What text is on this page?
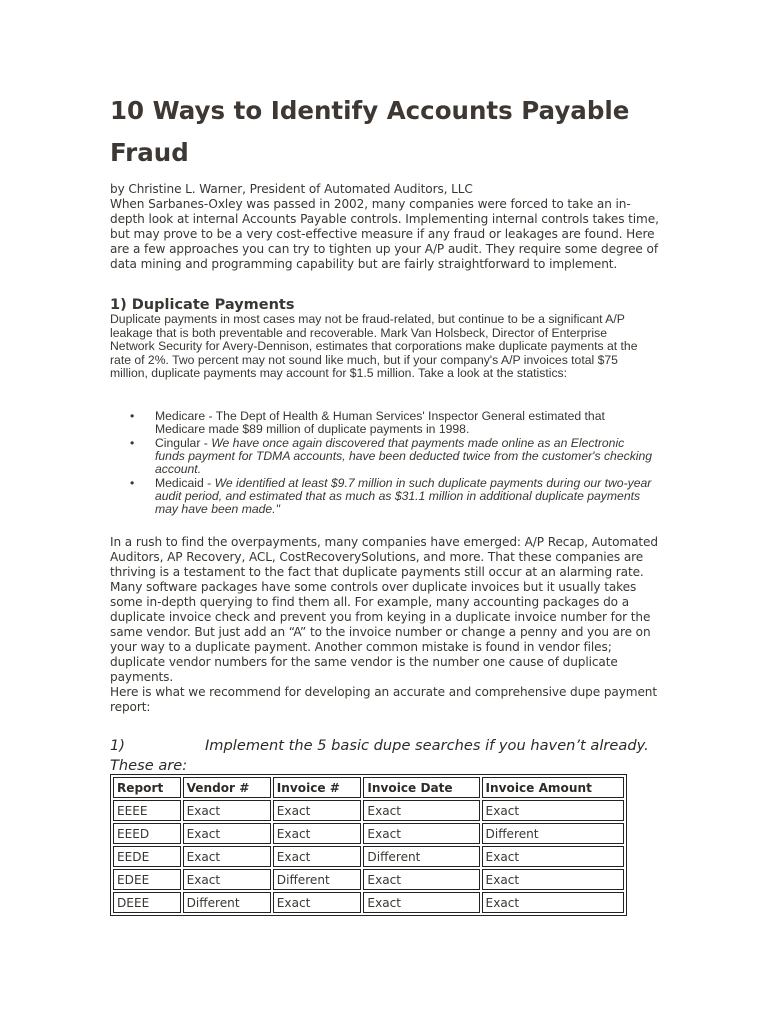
10 Ways to Identify Accounts Payable Fraud

by Christine L. Warner, President of Automated Auditors, LLC

When Sarbanes-Oxley was passed in 2002, many companies were forced to take an in-depth look at internal Accounts Payable controls. Implementing internal controls takes time, but may prove to be a very cost-effective measure if any fraud or leakages are found. Here are a few approaches you can try to tighten up your A/P audit. They require some degree of data mining and programming capability but are fairly straightforward to implement.

1) Duplicate Payments

Duplicate payments in most cases may not be fraud-related, but continue to be a significant A/P leakage that is both preventable and recoverable. Mark Van Holsbeck, Director of Enterprise Network Security for Avery-Dennison, estimates that corporations make duplicate payments at the rate of 2%. Two percent may not sound like much, but if your company's A/P invoices total $75 million, duplicate payments may account for $1.5 million. Take a look at the statistics:

• Medicare - The Dept of Health & Human Services' Inspector General estimated that Medicare made $89 million of duplicate payments in 1998.
• Cingular - We have once again discovered that payments made online as an Electronic funds payment for TDMA accounts, have been deducted twice from the customer's checking account.
• Medicaid - We identified at least $9.7 million in such duplicate payments during our two-year audit period, and estimated that as much as $31.1 million in additional duplicate payments may have been made."

In a rush to find the overpayments, many companies have emerged: A/P Recap, Automated Auditors, AP Recovery, ACL, CostRecoverySolutions, and more. That these companies are thriving is a testament to the fact that duplicate payments still occur at an alarming rate.

Many software packages have some controls over duplicate invoices but it usually takes some in-depth querying to find them all. For example, many accounting packages do a duplicate invoice check and prevent you from keying in a duplicate invoice number for the same vendor. But just add an “A” to the invoice number or change a penny and you are on your way to a duplicate payment. Another common mistake is found in vendor files; duplicate vendor numbers for the same vendor is the number one cause of duplicate payments.

Here is what we recommend for developing an accurate and comprehensive dupe payment report:

1)	Implement the 5 basic dupe searches if you haven’t already. These are:

Report	Vendor #	Invoice #	Invoice Date	Invoice Amount
EEEE	Exact	Exact	Exact	Exact
EEED	Exact	Exact	Exact	Different
EEDE	Exact	Exact	Different	Exact
EDEE	Exact	Different	Exact	Exact
DEEE	Different	Exact	Exact	Exact
